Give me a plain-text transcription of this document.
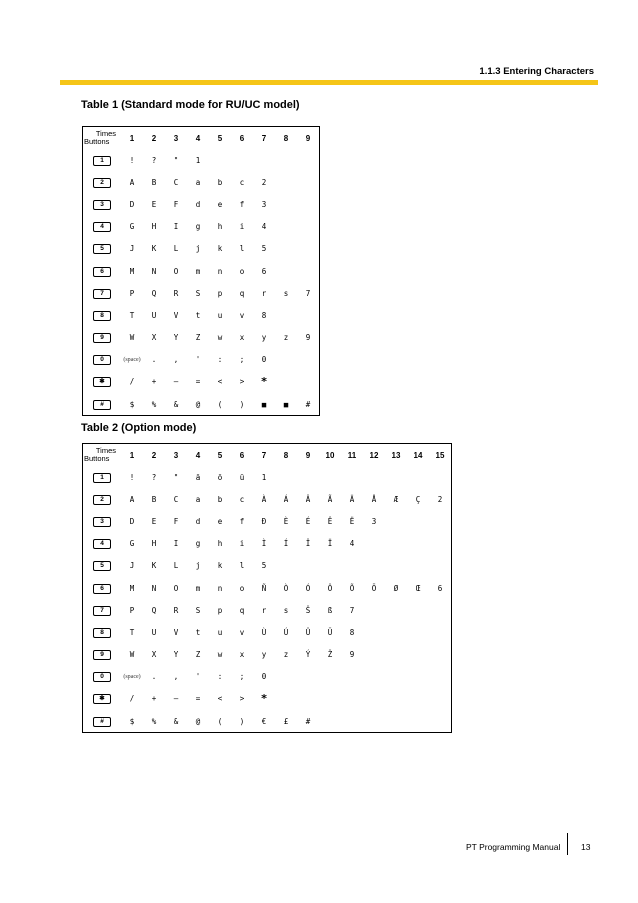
1.1.3 Entering Characters
Table 1 (Standard mode for RU/UC model)
Times
Buttons	1	2	3	4	5	6	7	8	9
1	!	?	"	1					
2	A	B	C	a	b	c	2		
3	D	E	F	d	e	f	3		
4	G	H	I	g	h	i	4		
5	J	K	L	j	k	l	5		
6	M	N	O	m	n	o	6		
7	P	Q	R	S	p	q	r	s	7
8	T	U	V	t	u	v	8		
9	W	X	Y	Z	w	x	y	z	9
0	(space)	.	,	'	:	;	0		
✱	/	+	—	=	<	>	*		
#	$	%	&	@	(	)	■	■	#
Table 2 (Option mode)
Times
Buttons	1	2	3	4	5	6	7	8	9	10	11	12	13	14	15
1	!	?	"	ä	ö	ü	1								
2	A	B	C	a	b	c	À	Á	Â	Ã	Ä	Å	Æ	Ç	2
3	D	E	F	d	e	f	Ð	È	É	Ê	Ë	3			
4	G	H	I	g	h	i	Ì	Í	Î	Ï	4				
5	J	K	L	j	k	l	5								
6	M	N	O	m	n	o	Ñ	Ò	Ó	Ô	Õ	Ö	Ø	Œ	6
7	P	Q	R	S	p	q	r	s	Š	ß	7				
8	T	U	V	t	u	v	Ù	Ú	Û	Ü	8				
9	W	X	Y	Z	w	x	y	z	Ý	Ž	9				
0	(space)	.	,	'	:	;	0								
✱	/	+	—	=	<	>	*								
#	$	%	&	@	(	)	€	£	#						
PT Programming Manual 13
